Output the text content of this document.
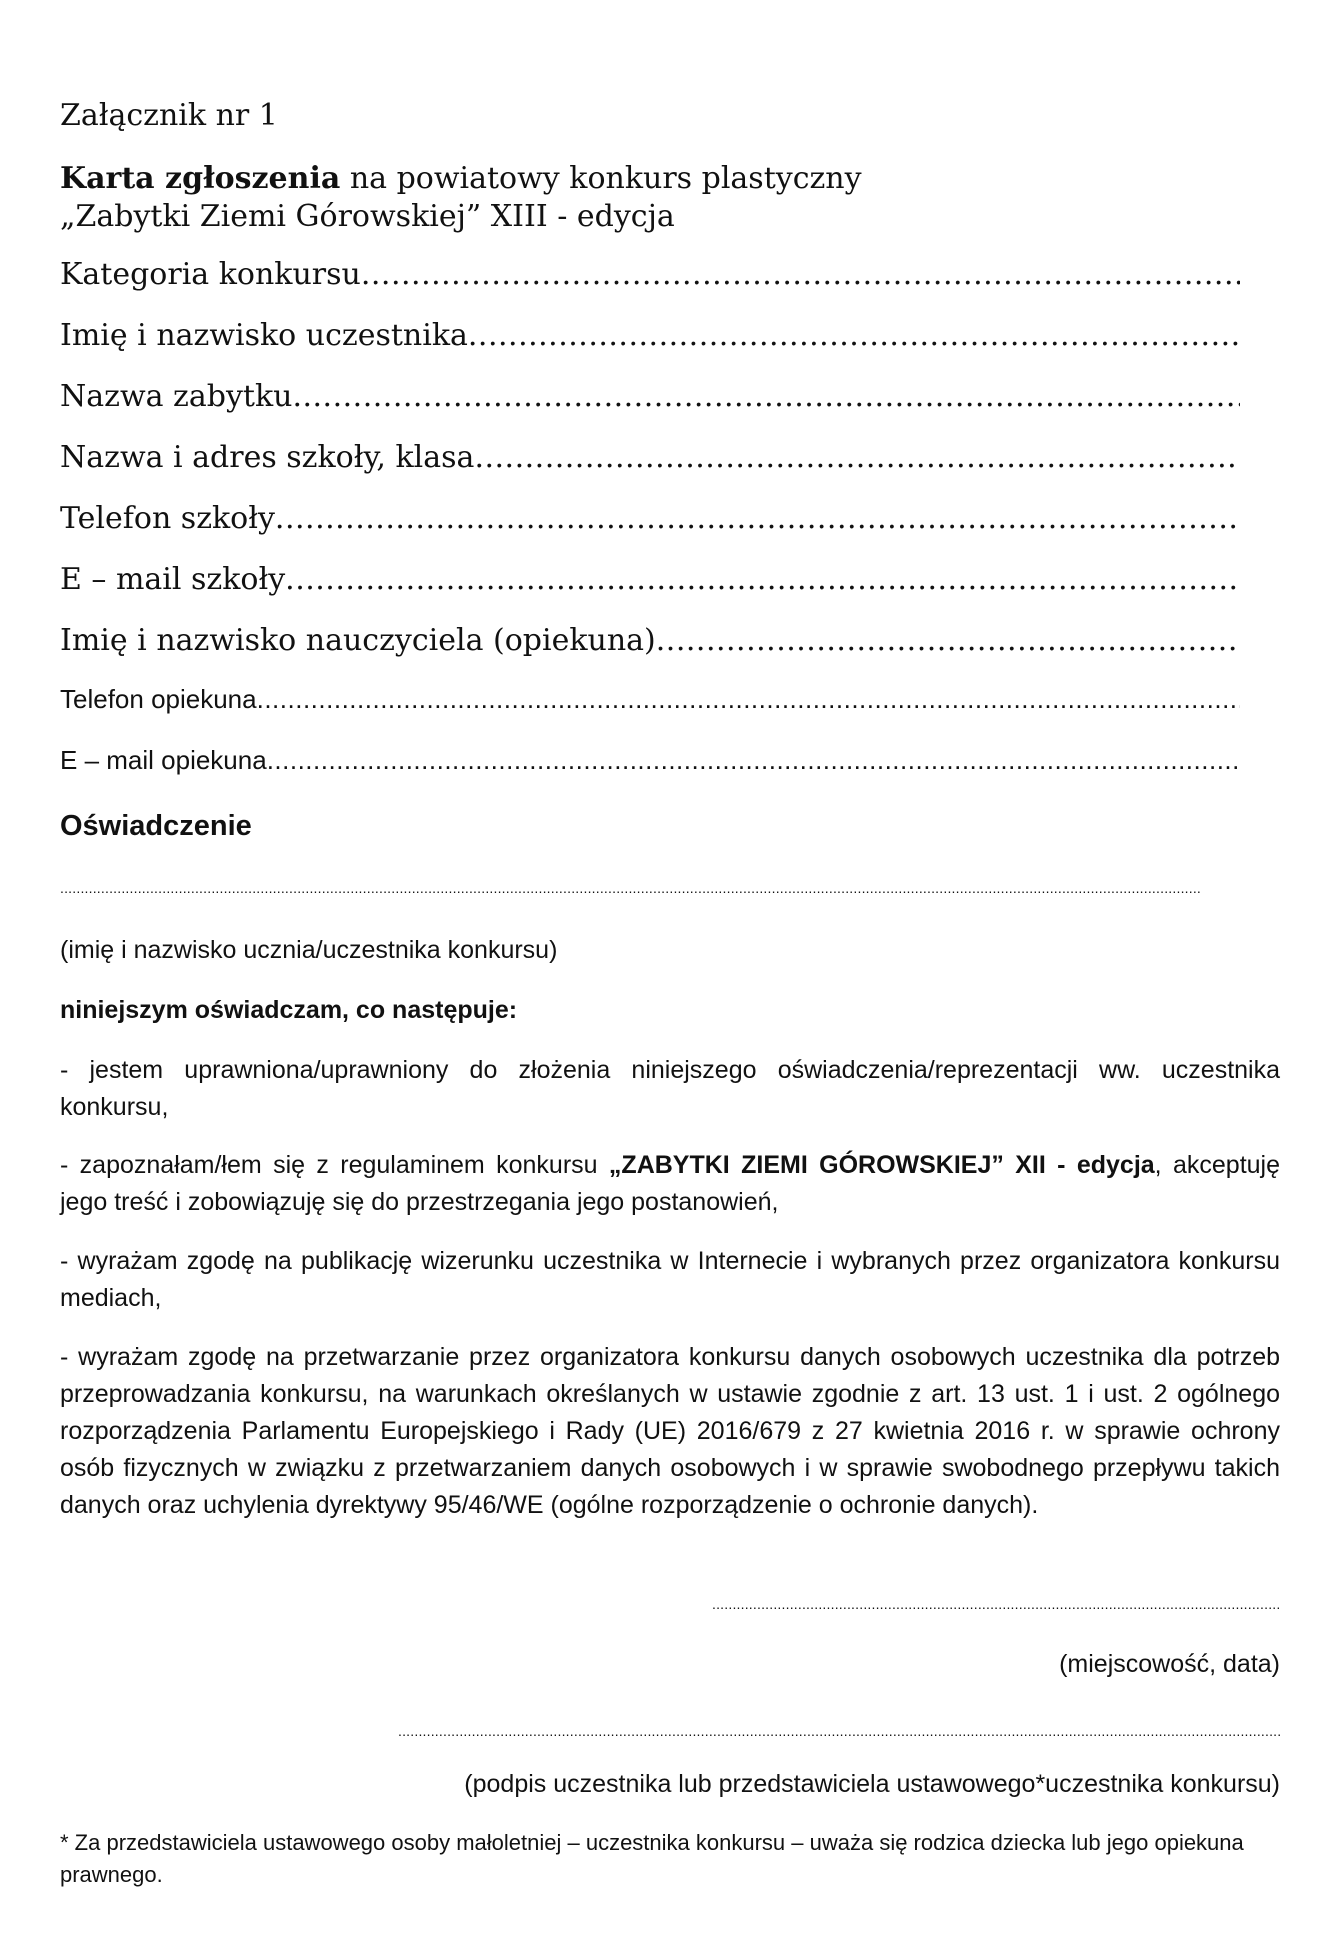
Załącznik nr 1
Karta zgłoszenia na powiatowy konkurs plastyczny
„Zabytki Ziemi Górowskiej” XIII - edycja
Kategoria konkursu
.....
Imię i nazwisko uczestnika
.....
Nazwa zabytku
.....
Nazwa i adres szkoły, klasa
.....
Telefon szkoły
.....
E – mail szkoły
.....
Imię i nazwisko nauczyciela (opiekuna)
.....
Telefon opiekuna
.....
E – mail opiekuna
.....
Oświadczenie
.....
(imię i nazwisko ucznia/uczestnika konkursu)
niniejszym oświadczam, co następuje:
- jestem uprawniona/uprawniony do złożenia niniejszego oświadczenia/reprezentacji ww. uczestnika konkursu,
- zapoznałam/łem się z regulaminem konkursu „ZABYTKI ZIEMI GÓROWSKIEJ” XII - edycja, akceptuję jego treść i zobowiązuję się do przestrzegania jego postanowień,
- wyrażam zgodę na publikację wizerunku uczestnika w Internecie i wybranych przez organizatora konkursu mediach,
- wyrażam zgodę na przetwarzanie przez organizatora konkursu danych osobowych uczestnika dla potrzeb przeprowadzania konkursu, na warunkach określanych w ustawie zgodnie z art. 13 ust. 1 i ust. 2 ogólnego rozporządzenia Parlamentu Europejskiego i Rady (UE) 2016/679 z 27 kwietnia 2016 r. w sprawie ochrony osób fizycznych w związku z przetwarzaniem danych osobowych i w sprawie swobodnego przepływu takich danych oraz uchylenia dyrektywy 95/46/WE (ogólne rozporządzenie o ochronie danych).
.....
(miejscowość, data)
.....
(podpis uczestnika lub przedstawiciela ustawowego*uczestnika konkursu)
* Za przedstawiciela ustawowego osoby małoletniej – uczestnika konkursu – uważa się rodzica dziecka lub jego opiekuna prawnego.
